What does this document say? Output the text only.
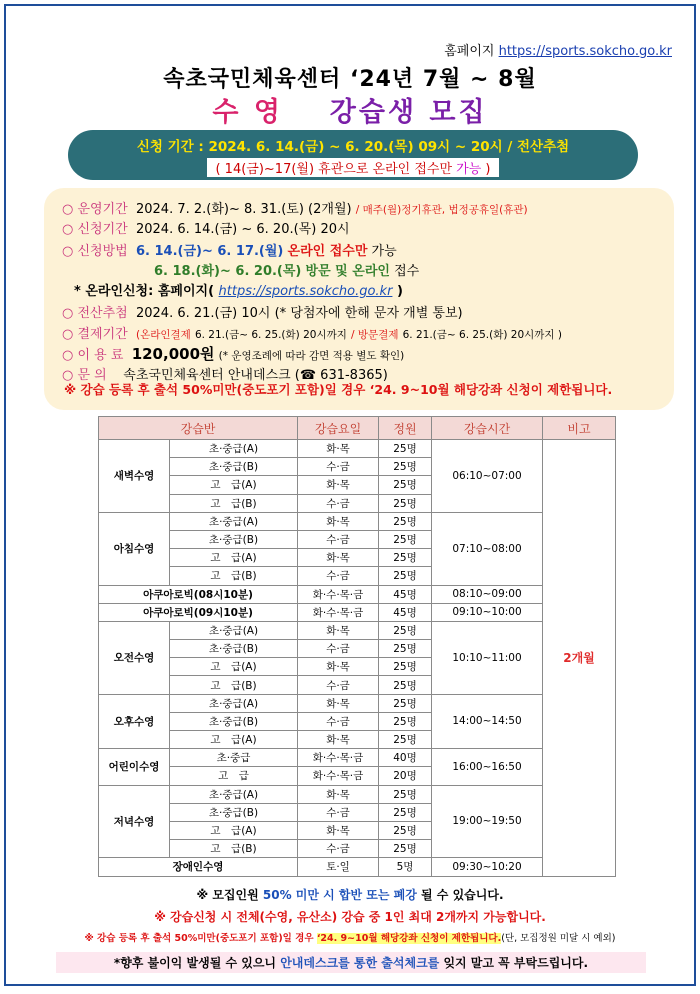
홈페이지 https://sports.sokcho.go.kr
속초국민체육센터 ‘24년 7월 ~ 8월
수 영 강습생 모집
신청 기간 : 2024. 6. 14.(금) ~ 6. 20.(목) 09시 ~ 20시 / 전산추첨
( 14(금)~17(월) 휴관으로 온라인 접수만 가능 )
○ 운영기간 2024. 7. 2.(화)~ 8. 31.(토) (2개월) / 매주(월)정기휴관, 법정공휴일(휴관)
○ 신청기간 2024. 6. 14.(금) ~ 6. 20.(목) 20시
○ 신청방법 6. 14.(금)~ 6. 17.(월) 온라인 접수만 가능
6. 18.(화)~ 6. 20.(목) 방문 및 온라인 접수
* 온라인신청: 홈페이지( https://sports.sokcho.go.kr )
○ 전산추첨 2024. 6. 21.(금) 10시 (* 당첨자에 한해 문자 개별 통보)
○ 결제기간 (온라인결제 6. 21.(금~ 6. 25.(화) 20시까지 / 방문결제 6. 21.(금~ 6. 25.(화) 20시까지 )
○ 이 용 료 120,000원 (* 운영조례에 따라 감면 적용 별도 확인)
○ 문 의 속초국민체육센터 안내데스크 (☎ 631-8365)
※ 강습 등록 후 출석 50%미만(중도포기 포함)일 경우 ‘24. 9~10월 해당강좌 신청이 제한됩니다.
강습반		강습요일	정원	강습시간	비고
새벽수영	초·중급(A)	화·목	25명	06:10~07:00	2개월
	초·중급(B)	수·금	25명		
	고　급(A)	화·목	25명		
	고　급(B)	수·금	25명		
아침수영	초·중급(A)	화·목	25명	07:10~08:00	
	초·중급(B)	수·금	25명		
	고　급(A)	화·목	25명		
	고　급(B)	수·금	25명		
아쿠아로빅(08시10분)		화·수·목·금	45명	08:10~09:00	
아쿠아로빅(09시10분)		화·수·목·금	45명	09:10~10:00	
오전수영	초·중급(A)	화·목	25명	10:10~11:00	
	초·중급(B)	수·금	25명		
	고　급(A)	화·목	25명		
	고　급(B)	수·금	25명		
오후수영	초·중급(A)	화·목	25명	14:00~14:50	
	초·중급(B)	수·금	25명		
	고　급(A)	화·목	25명		
어린이수영	초·중급	화·수·목·금	40명	16:00~16:50	
	고　급	화·수·목·금	20명		
저녁수영	초·중급(A)	화·목	25명	19:00~19:50	
	초·중급(B)	수·금	25명		
	고　급(A)	화·목	25명		
	고　급(B)	수·금	25명		
장애인수영		토·일	5명	09:30~10:20	
※ 모집인원 50% 미만 시 합반 또는 폐강 될 수 있습니다.
※ 강습신청 시 전체(수영, 유산소) 강습 중 1인 최대 2개까지 가능합니다.
※ 강습 등록 후 출석 50%미만(중도포기 포함)일 경우 ‘24. 9~10월 해당강좌 신청이 제한됩니다.(단, 모집정원 미달 시 예외)
*향후 불이익 발생될 수 있으니 안내데스크를 통한 출석체크를 잊지 말고 꼭 부탁드립니다.
